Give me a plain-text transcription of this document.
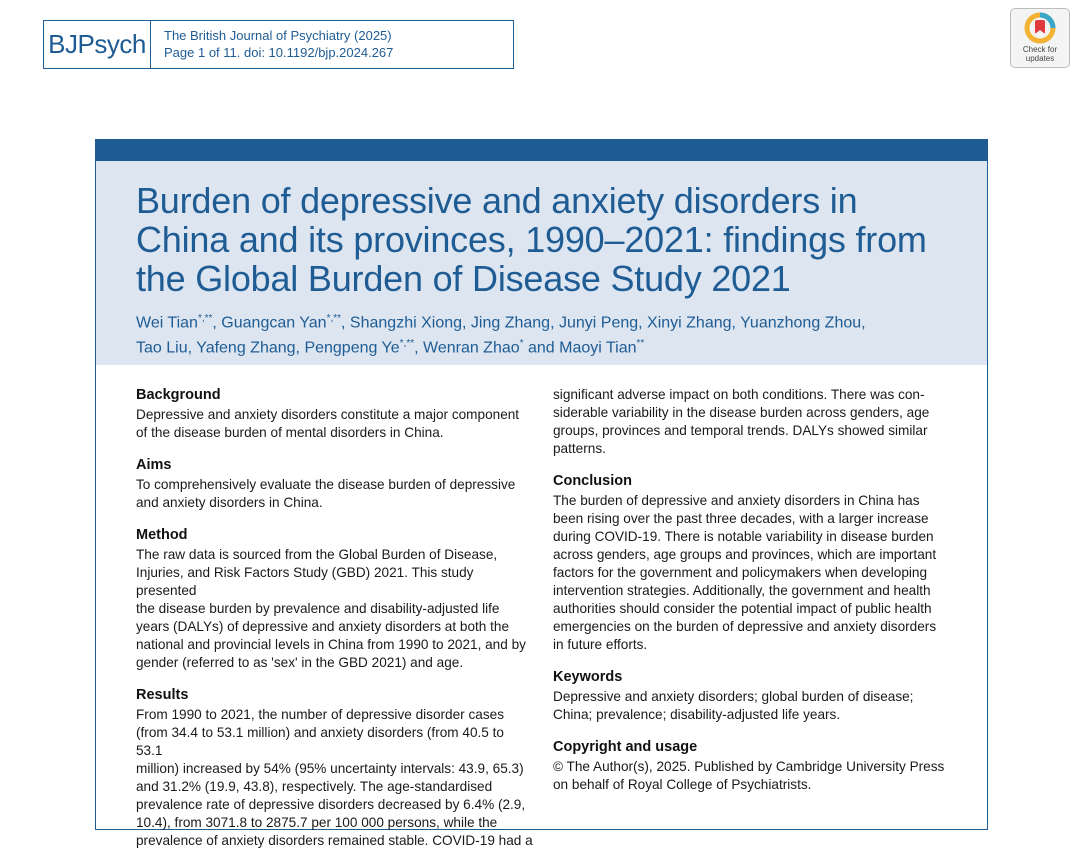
BJ Psych The British Journal of Psychiatry (2025)
Page 1 of 11. doi: 10.1192/bjp.2024.267	Check for updates
Burden of depressive and anxiety disorders in
China and its provinces, 1990–2021: findings from
the Global Burden of Disease Study 2021
Wei Tian*,**, Guangcan Yan*,**, Shangzhi Xiong, Jing Zhang, Junyi Peng, Xinyi Zhang, Yuanzhong Zhou,
Tao Liu, Yafeng Zhang, Pengpeng Ye*,**, Wenran Zhao* and Maoyi Tian**
Background
Depressive and anxiety disorders constitute a major component
of the disease burden of mental disorders in China.
Aims
To comprehensively evaluate the disease burden of depressive
and anxiety disorders in China.
Method
The raw data is sourced from the Global Burden of Disease,
Injuries, and Risk Factors Study (GBD) 2021. This study presented
the disease burden by prevalence and disability-adjusted life
years (DALYs) of depressive and anxiety disorders at both the
national and provincial levels in China from 1990 to 2021, and by
gender (referred to as 'sex' in the GBD 2021) and age.
Results
From 1990 to 2021, the number of depressive disorder cases
(from 34.4 to 53.1 million) and anxiety disorders (from 40.5 to 53.1
million) increased by 54% (95% uncertainty intervals: 43.9, 65.3)
and 31.2% (19.9, 43.8), respectively. The age-standardised
prevalence rate of depressive disorders decreased by 6.4% (2.9,
10.4), from 3071.8 to 2875.7 per 100 000 persons, while the
prevalence of anxiety disorders remained stable. COVID-19 had a
significant adverse impact on both conditions. There was con-
siderable variability in the disease burden across genders, age
groups, provinces and temporal trends. DALYs showed similar
patterns.
Conclusion
The burden of depressive and anxiety disorders in China has
been rising over the past three decades, with a larger increase
during COVID-19. There is notable variability in disease burden
across genders, age groups and provinces, which are important
factors for the government and policymakers when developing
intervention strategies. Additionally, the government and health
authorities should consider the potential impact of public health
emergencies on the burden of depressive and anxiety disorders
in future efforts.
Keywords
Depressive and anxiety disorders; global burden of disease;
China; prevalence; disability-adjusted life years.
Copyright and usage
© The Author(s), 2025. Published by Cambridge University Press
on behalf of Royal College of Psychiatrists.
